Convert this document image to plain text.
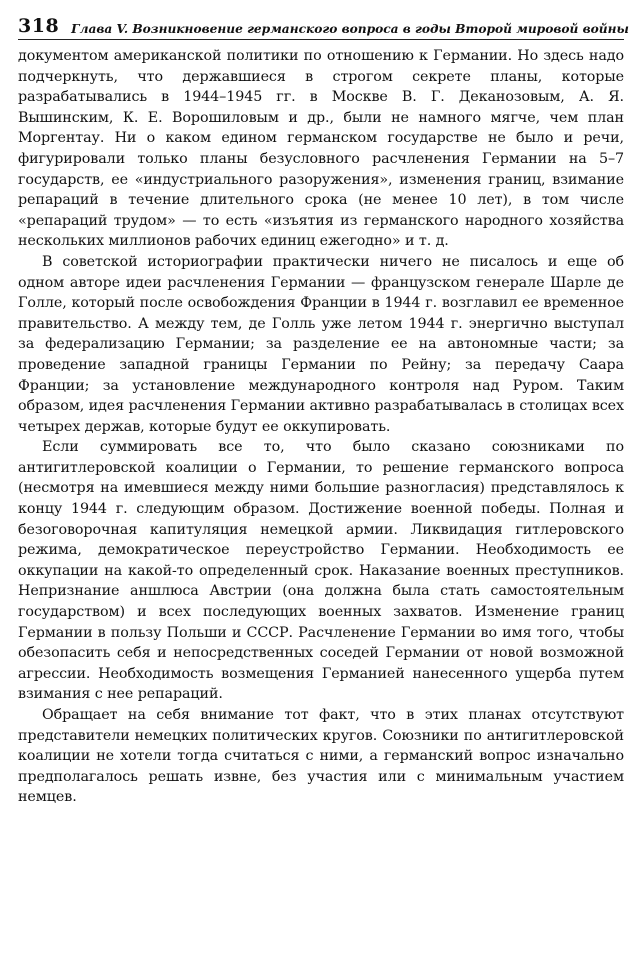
318 Глава V. Возникновение германского вопроса в годы Второй мировой войны

документом американской политики по отношению к Германии. Но здесь надо подчеркнуть, что державшиеся в строгом секрете планы, которые разрабатывались в 1944–1945 гг. в Москве В. Г. Деканозовым, А. Я. Вышинским, К. Е. Ворошиловым и др., были не намного мягче, чем план Моргентау. Ни о каком едином германском государстве не было и речи, фигурировали только планы безусловного расчленения Германии на 5–7 государств, ее «индустриального разоружения», изменения границ, взимание репараций в течение длительного срока (не менее 10 лет), в том числе «репараций трудом» — то есть «изъятия из германского народного хозяйства нескольких миллионов рабочих единиц ежегодно» и т. д.

В советской историографии практически ничего не писалось и еще об одном авторе идеи расчленения Германии — французском генерале Шарле де Голле, который после освобождения Франции в 1944 г. возглавил ее временное правительство. А между тем, де Голль уже летом 1944 г. энергично выступал за федерализацию Германии; за разделение ее на автономные части; за проведение западной границы Германии по Рейну; за передачу Саара Франции; за установление международного контроля над Руром. Таким образом, идея расчленения Германии активно разрабатывалась в столицах всех четырех держав, которые будут ее оккупировать.

Если суммировать все то, что было сказано союзниками по антигитлеровской коалиции о Германии, то решение германского вопроса (несмотря на имевшиеся между ними большие разногласия) представлялось к концу 1944 г. следующим образом. Достижение военной победы. Полная и безоговорочная капитуляция немецкой армии. Ликвидация гитлеровского режима, демократическое переустройство Германии. Необходимость ее оккупации на какой-то определенный срок. Наказание военных преступников. Непризнание аншлюса Австрии (она должна была стать самостоятельным государством) и всех последующих военных захватов. Изменение границ Германии в пользу Польши и СССР. Расчленение Германии во имя того, чтобы обезопасить себя и непосредственных соседей Германии от новой возможной агрессии. Необходимость возмещения Германией нанесенного ущерба путем взимания с нее репараций.

Обращает на себя внимание тот факт, что в этих планах отсутствуют представители немецких политических кругов. Союзники по антигитлеровской коалиции не хотели тогда считаться с ними, а германский вопрос изначально предполагалось решать извне, без участия или с минимальным участием немцев.
